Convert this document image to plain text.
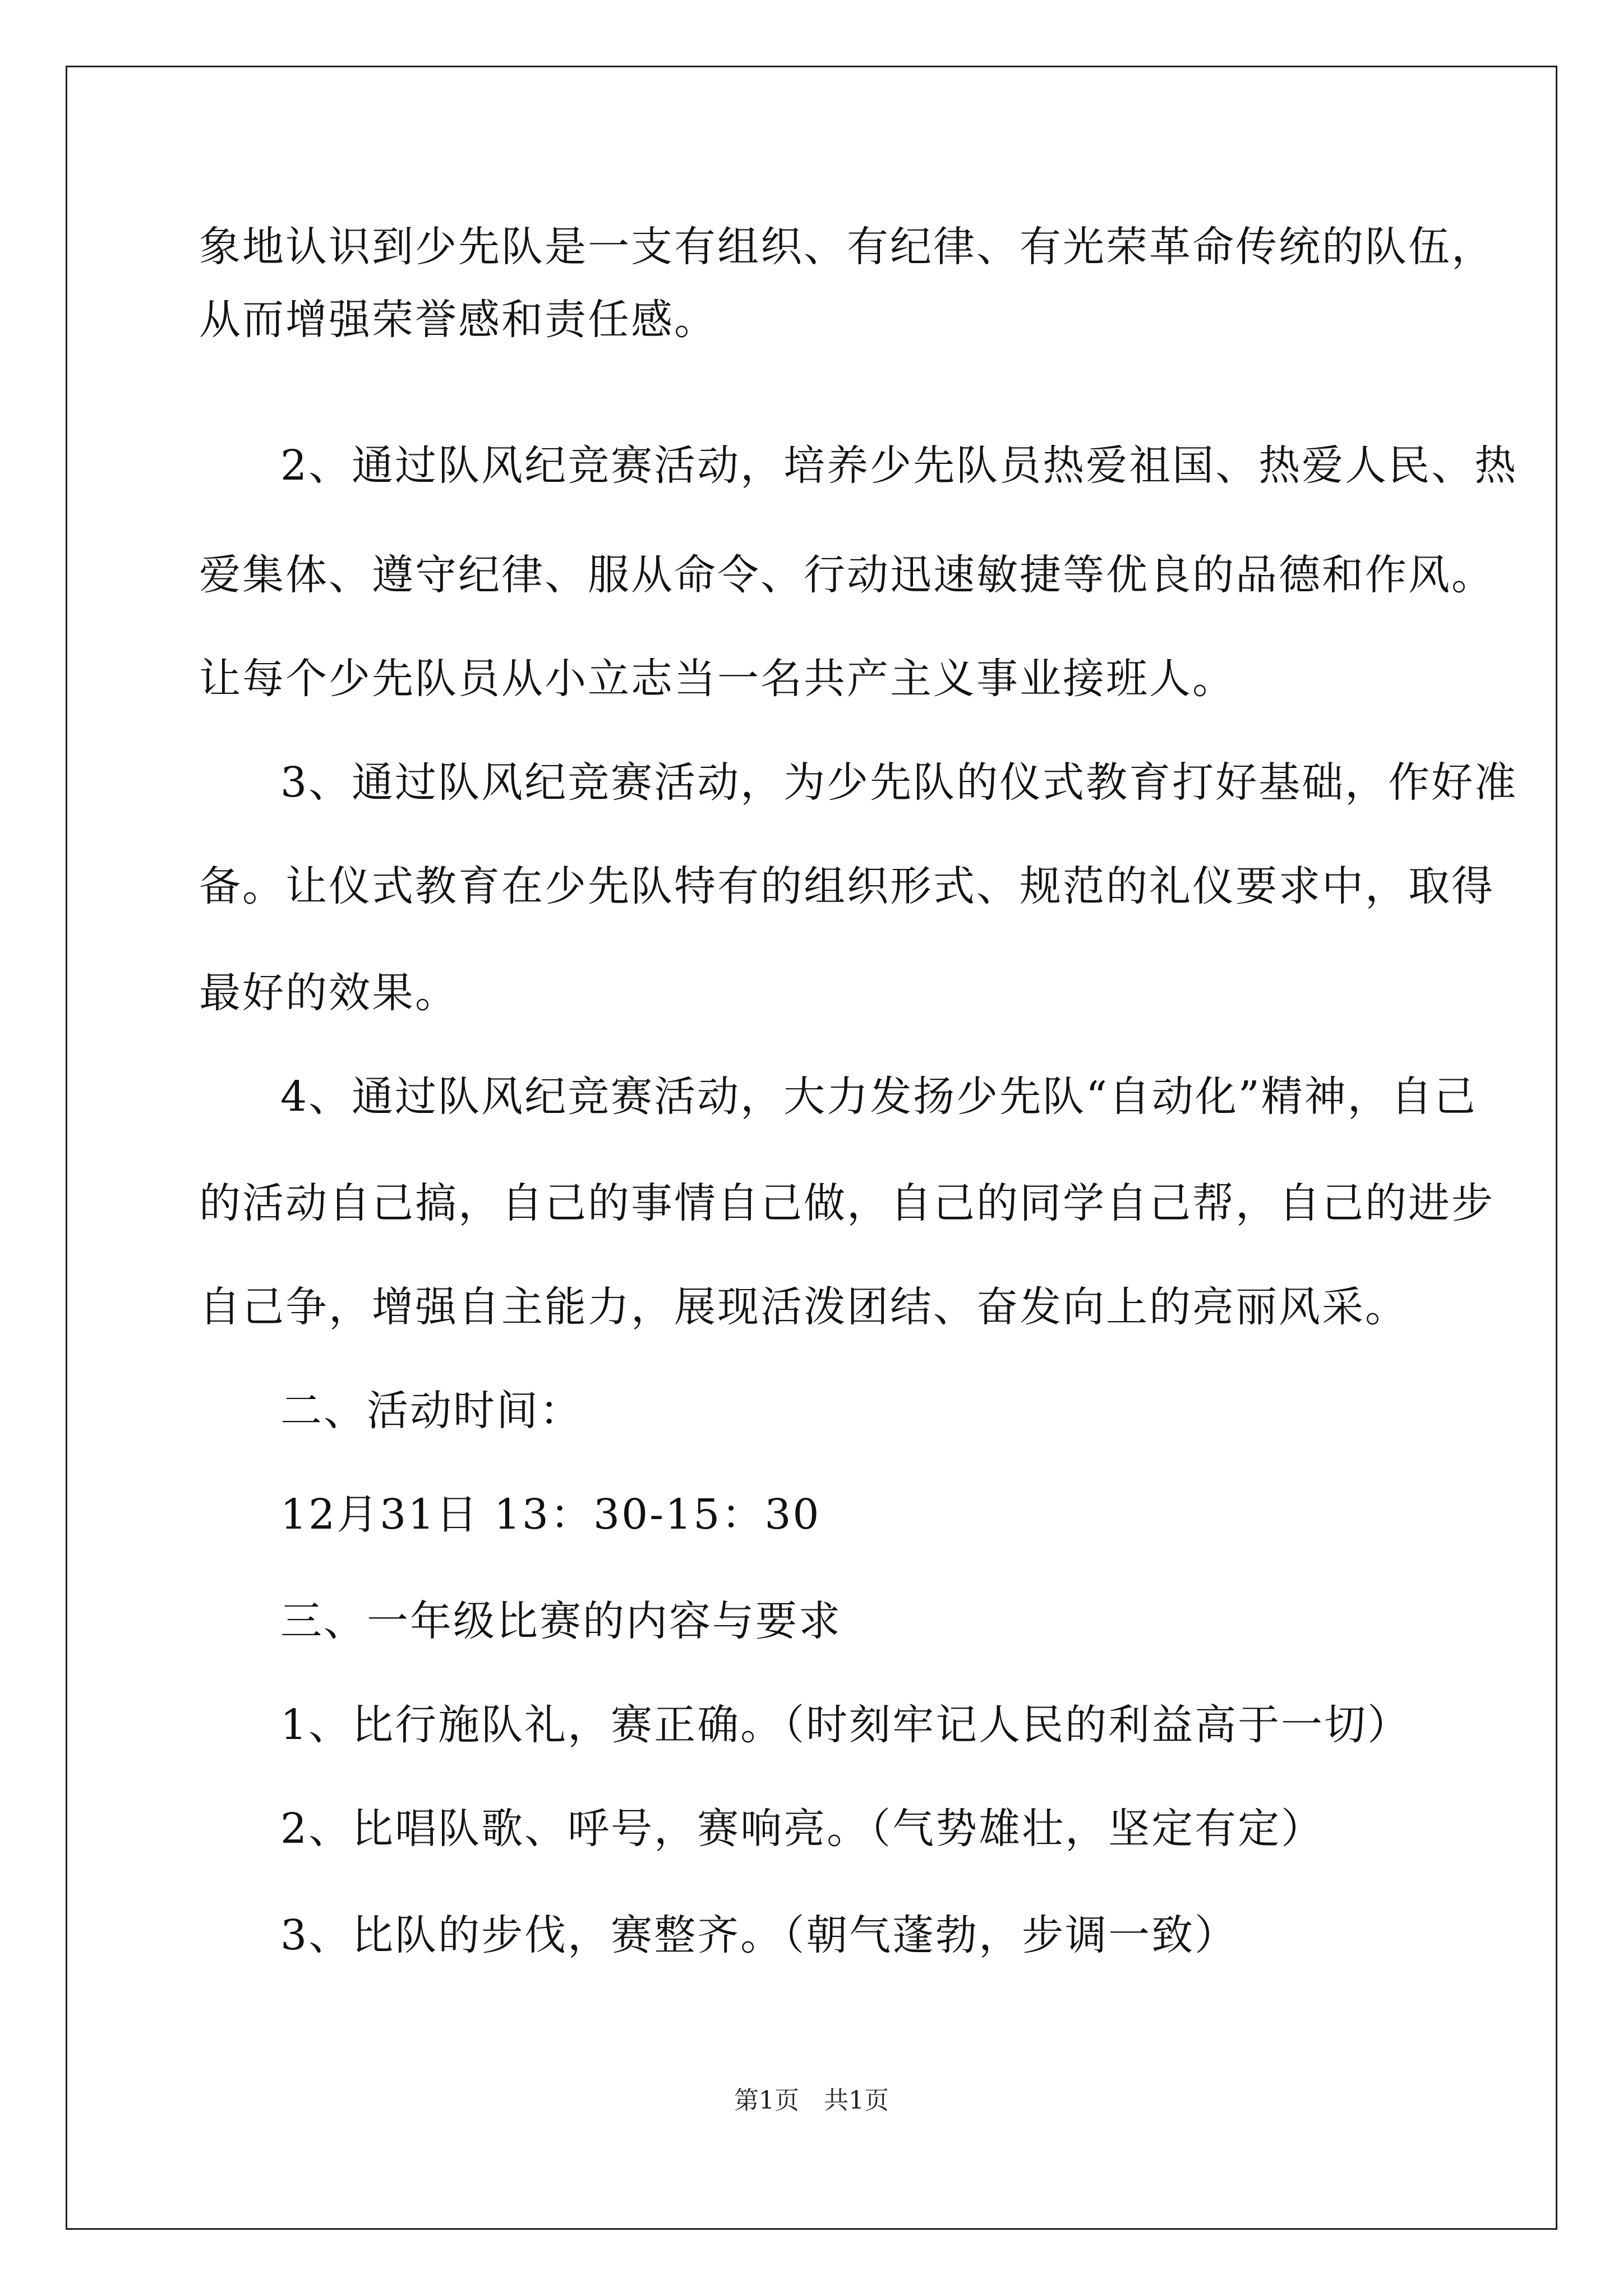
象地认识到少先队是一支有组织、有纪律、有光荣革命传统的队伍，
从而增强荣誉感和责任感。
2、通过队风纪竞赛活动，培养少先队员热爱祖国、热爱人民、热
爱集体、遵守纪律、服从命令、行动迅速敏捷等优良的品德和作风。
让每个少先队员从小立志当一名共产主义事业接班人。
3、通过队风纪竞赛活动，为少先队的仪式教育打好基础，作好准
备。让仪式教育在少先队特有的组织形式、规范的礼仪要求中，取得
最好的效果。
4、通过队风纪竞赛活动，大力发扬少先队“自动化”精神，自己
的活动自己搞，自己的事情自己做，自己的同学自己帮，自己的进步
自己争，增强自主能力，展现活泼团结、奋发向上的亮丽风采。
二、活动时间：
12月31日 13：30-15：30
三、一年级比赛的内容与要求
1、比行施队礼，赛正确。（时刻牢记人民的利益高于一切）
2、比唱队歌、呼号，赛响亮。（气势雄壮，坚定有定）
3、比队的步伐，赛整齐。（朝气蓬勃，步调一致）
第1页　共1页
